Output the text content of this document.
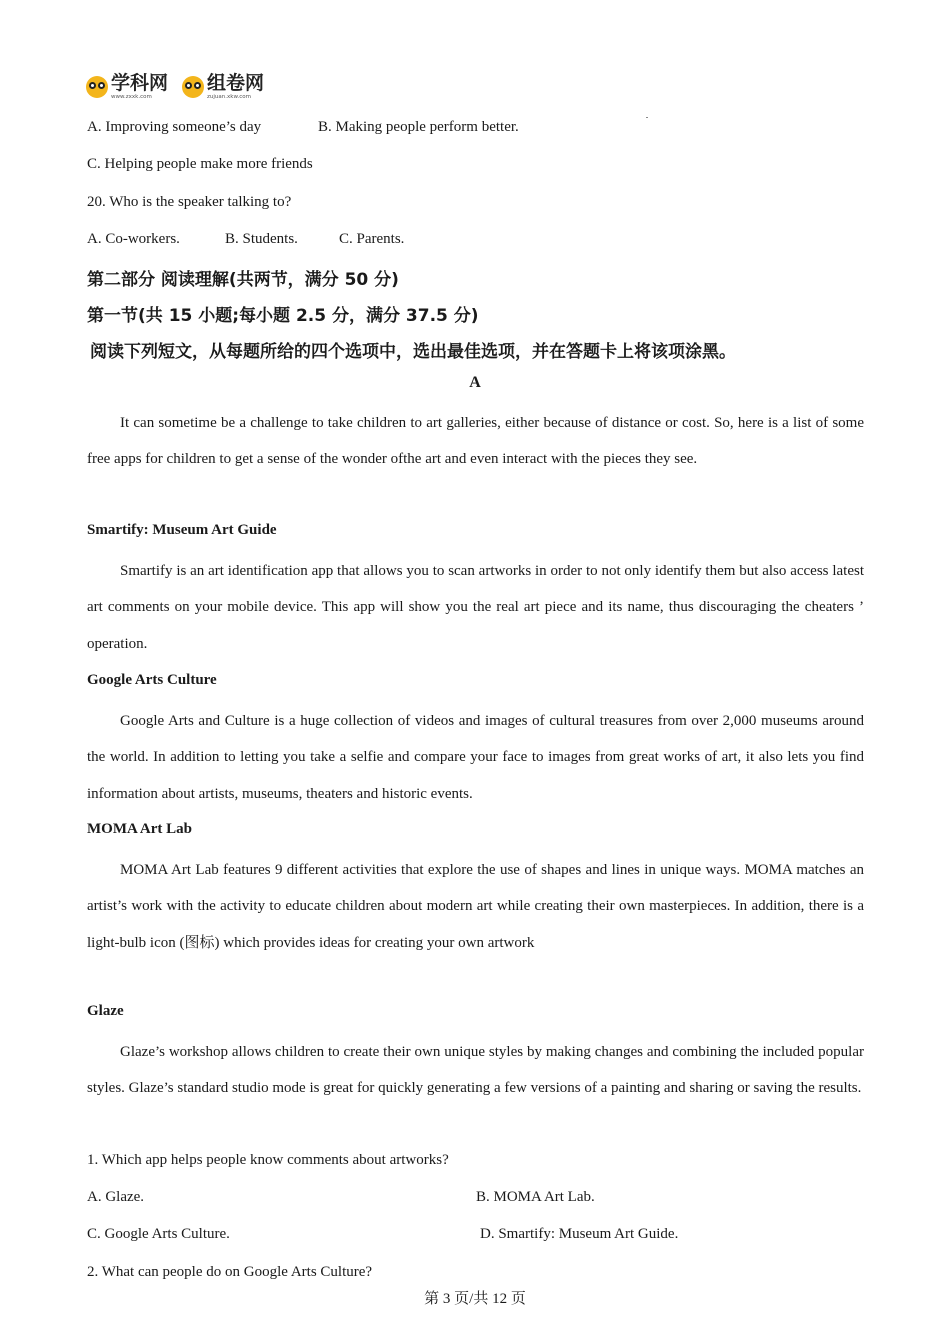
学科网
www.zxxk.com
组卷网
zujuan.xkw.com
A. Improving someone’s day	B. Making people perform better.
C. Helping people make more friends
20. Who is the speaker talking to?
A. Co-workers.	B. Students.	C. Parents.
第二部分 阅读理解(共两节，满分 50 分)
第一节(共 15 小题;每小题 2.5 分，满分 37.5 分)
阅读下列短文，从每题所给的四个选项中，选出最佳选项，并在答题卡上将该项涂黑。
A
It can sometime be a challenge to take children to art galleries, either because of distance or cost. So, here is a list of some free apps for children to get a sense of the wonder ofthe art and even interact with the pieces they see.
Smartify: Museum Art Guide
Smartify is an art identification app that allows you to scan artworks in order to not only identify them but also access latest art comments on your mobile device. This app will show you the real art piece and its name, thus discouraging the cheaters ’ operation.
Google Arts Culture
Google Arts and Culture is a huge collection of videos and images of cultural treasures from over 2,000 museums around the world. In addition to letting you take a selfie and compare your face to images from great works of art, it also lets you find information about artists, museums, theaters and historic events.
MOMA Art Lab
MOMA Art Lab features 9 different activities that explore the use of shapes and lines in unique ways. MOMA matches an artist’s work with the activity to educate children about modern art while creating their own masterpieces. In addition, there is a light-bulb icon (图标) which provides ideas for creating your own artwork
Glaze
Glaze’s workshop allows children to create their own unique styles by making changes and combining the included popular styles. Glaze’s standard studio mode is great for quickly generating a few versions of a painting and sharing or saving the results.
1. Which app helps people know comments about artworks?
A. Glaze.	B. MOMA Art Lab.
C. Google Arts Culture.	D. Smartify: Museum Art Guide.
2. What can people do on Google Arts Culture?
第 3 页/共 12 页
